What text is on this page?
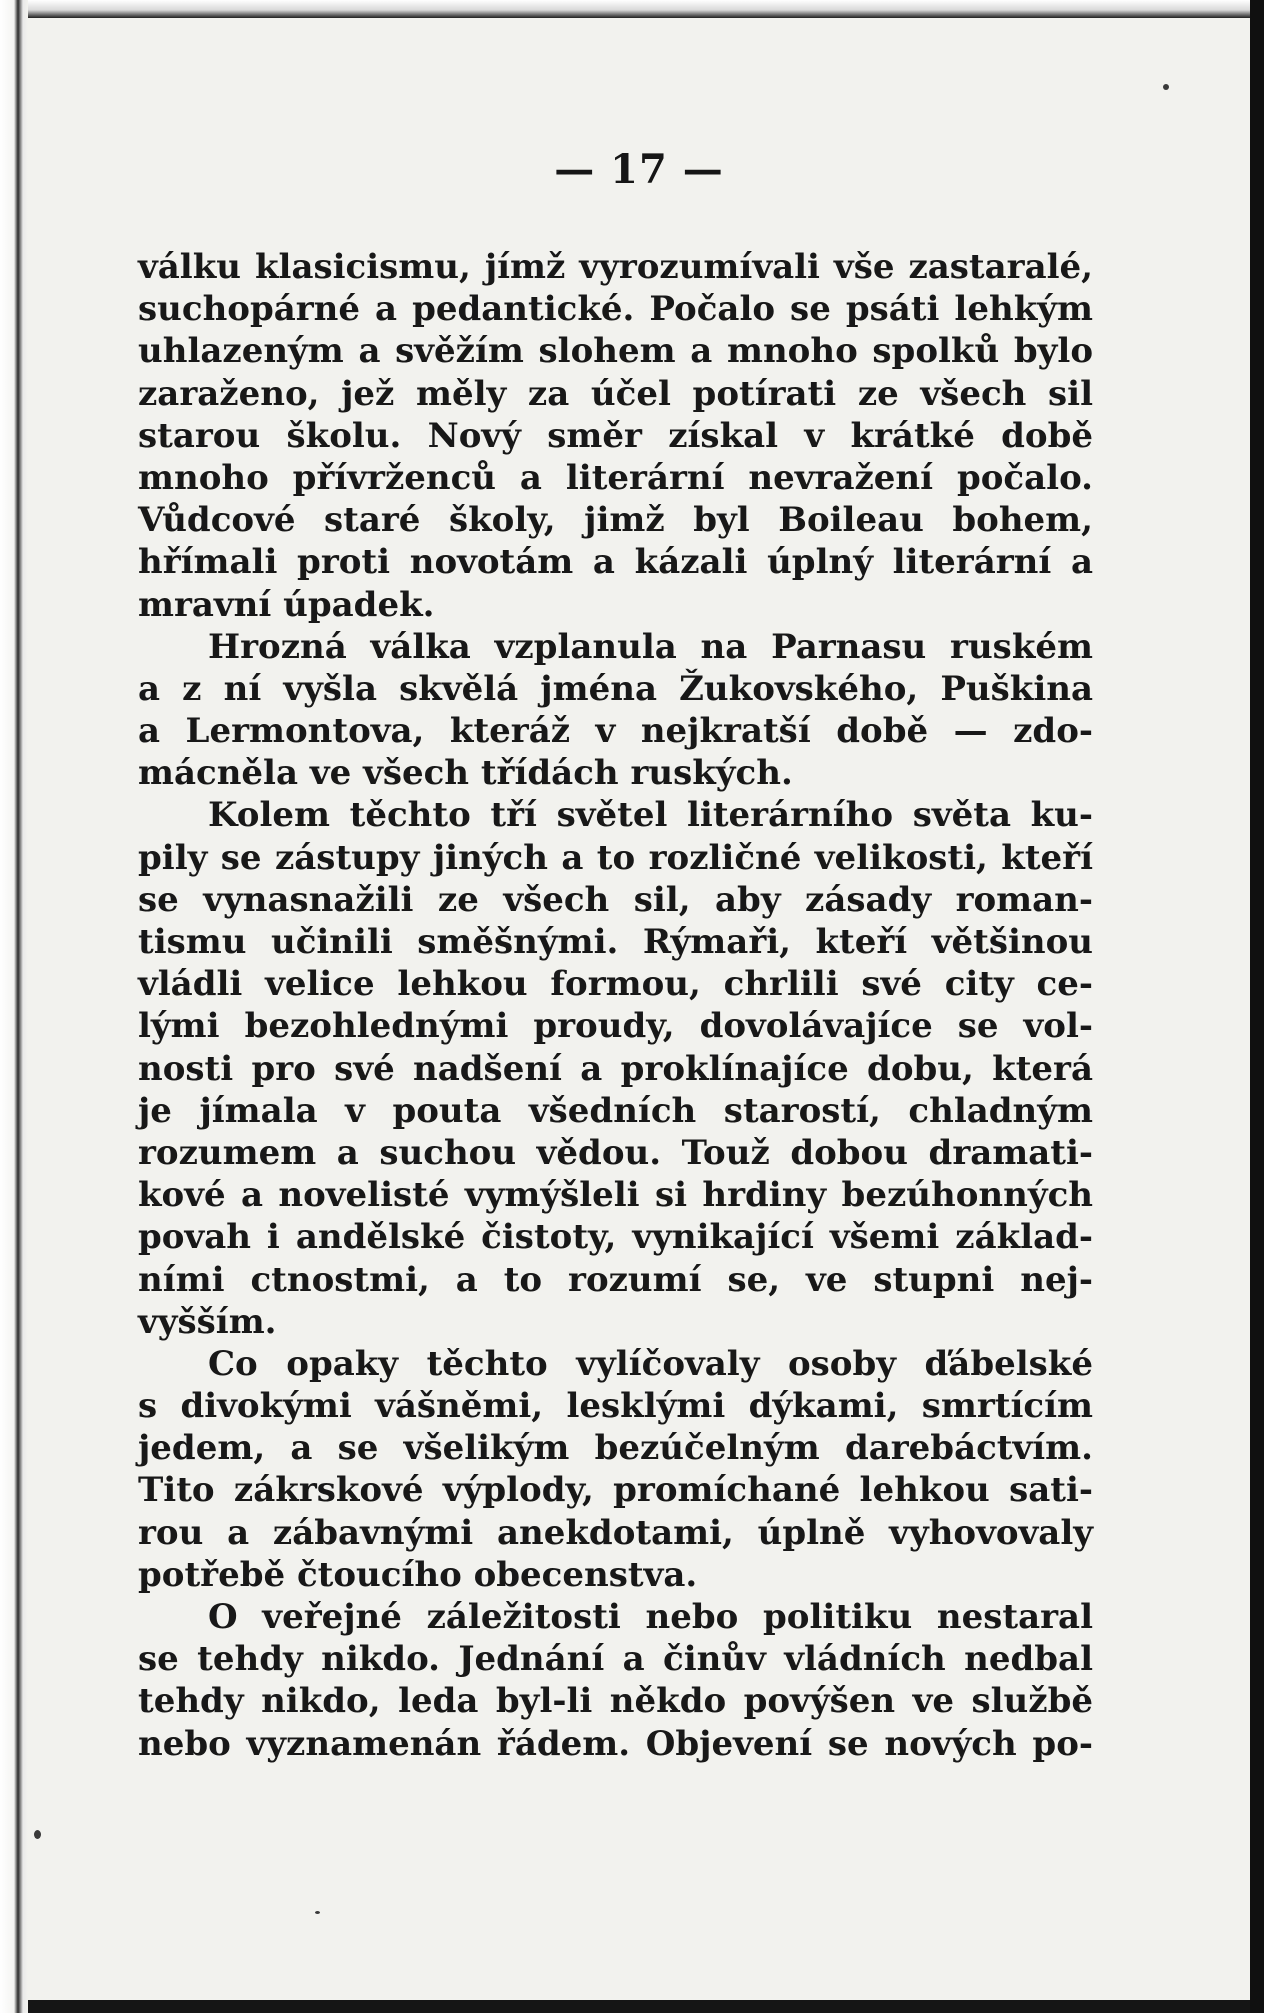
— 17 —
válku klasicismu, jímž vyrozumívali vše zastaralé,
suchopárné a pedantické. Počalo se psáti lehkým
uhlazeným a svěžím slohem a mnoho spolků bylo
zaraženo, jež měly za účel potírati ze všech sil
starou školu. Nový směr získal v krátké době
mnoho přívrženců a literární nevražení počalo.
Vůdcové staré školy, jimž byl Boileau bohem,
hřímali proti novotám a kázali úplný literární a
mravní úpadek.
Hrozná válka vzplanula na Parnasu ruském
a z ní vyšla skvělá jména Žukovského, Puškina
a Lermontova, kteráž v nejkratší době — zdo-
mácněla ve všech třídách ruských.
Kolem těchto tří světel literárního světa ku-
pily se zástupy jiných a to rozličné velikosti, kteří
se vynasnažili ze všech sil, aby zásady roman-
tismu učinili směšnými. Rýmaři, kteří většinou
vládli velice lehkou formou, chrlili své city ce-
lými bezohlednými proudy, dovolávajíce se vol-
nosti pro své nadšení a proklínajíce dobu, která
je jímala v pouta všedních starostí, chladným
rozumem a suchou vědou. Touž dobou dramati-
kové a novelisté vymýšleli si hrdiny bezúhonných
povah i andělské čistoty, vynikající všemi základ-
ními ctnostmi, a to rozumí se, ve stupni nej-
vyšším.
Co opaky těchto vylíčovaly osoby ďábelské
s divokými vášněmi, lesklými dýkami, smrtícím
jedem, a se všelikým bezúčelným darebáctvím.
Tito zákrskové výplody, promíchané lehkou sati-
rou a zábavnými anekdotami, úplně vyhovovaly
potřebě čtoucího obecenstva.
O veřejné záležitosti nebo politiku nestaral
se tehdy nikdo. Jednání a činův vládních nedbal
tehdy nikdo, leda byl-li někdo povýšen ve službě
nebo vyznamenán řádem. Objevení se nových po-
